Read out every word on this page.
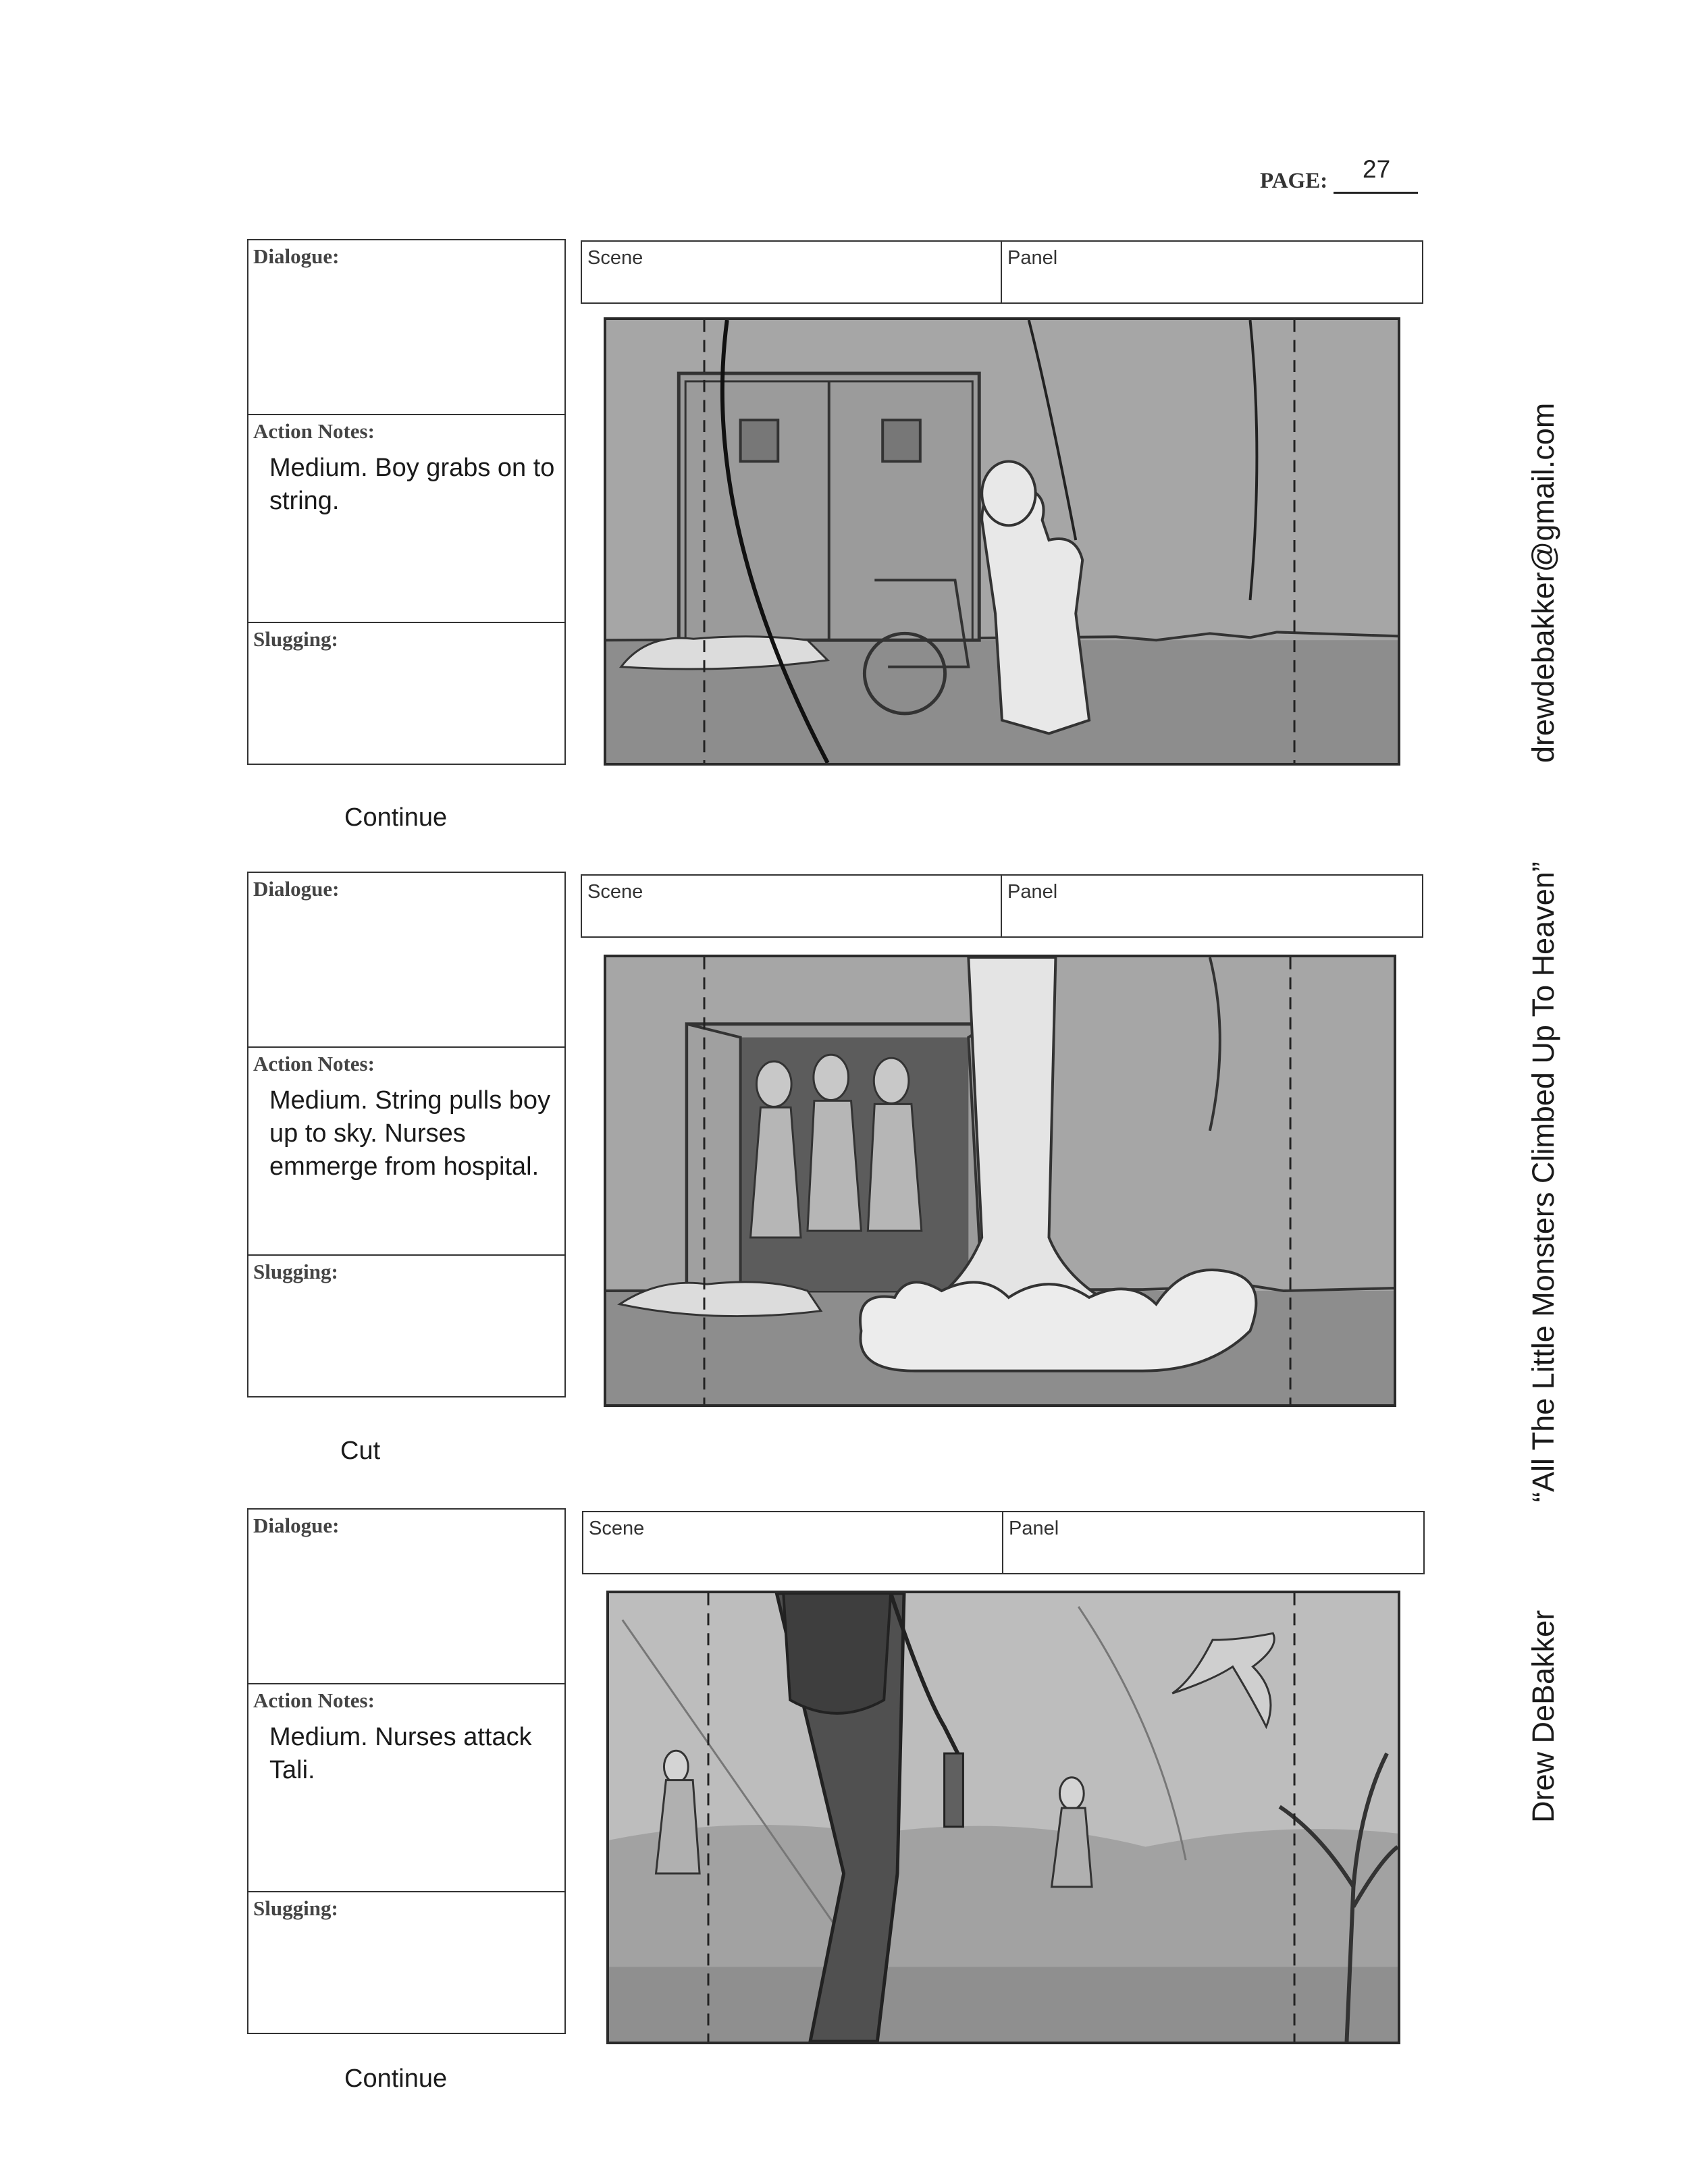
PAGE: 27
Dialogue:
Action Notes:
Medium. Boy grabs on to string.
Slugging:
Scene	Panel
Continue
Dialogue:
Action Notes:
Medium. String pulls boy up to sky. Nurses emmerge from hospital.
Slugging:
Scene	Panel
Cut
Dialogue:
Action Notes:
Medium. Nurses attack Tali.
Slugging:
Scene	Panel
Continue
drewdebakker@gmail.com
“All The Little Monsters Climbed Up To Heaven”
Drew DeBakker
